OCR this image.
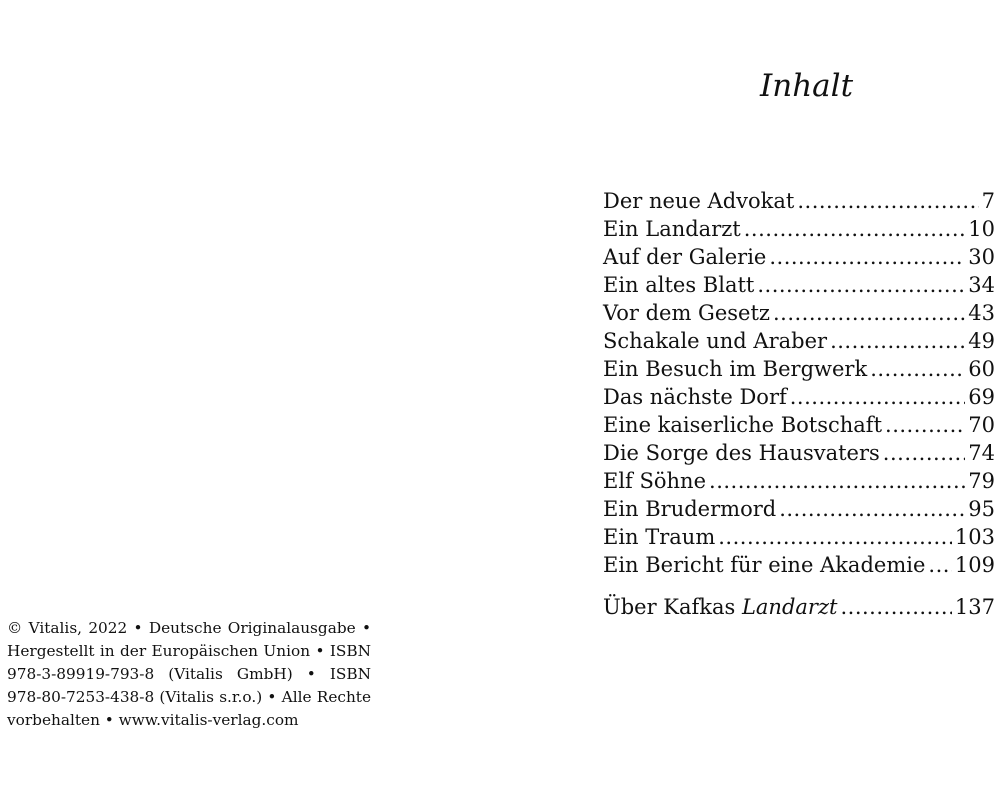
Inhalt
Der neue Advokat .....	7
Ein Landarzt .....	10
Auf der Galerie .....	30
Ein altes Blatt .....	34
Vor dem Gesetz .....	43
Schakale und Araber .....	49
Ein Besuch im Bergwerk .....	60
Das nächste Dorf .....	69
Eine kaiserliche Botschaft .....	70
Die Sorge des Hausvaters .....	74
Elf Söhne .....	79
Ein Brudermord .....	95
Ein Traum .....	103
Ein Bericht für eine Akademie ..... 109
Über Kafkas Landarzt .....	137
© Vitalis, 2022 • Deutsche Originalausgabe • Hergestellt in der Europäischen Union • ISBN 978-3-89919-793-8 (Vitalis GmbH) • ISBN 978-80-7253-438-8 (Vitalis s.r.o.) • Alle Rechte vorbehalten • www.vitalis-verlag.com
